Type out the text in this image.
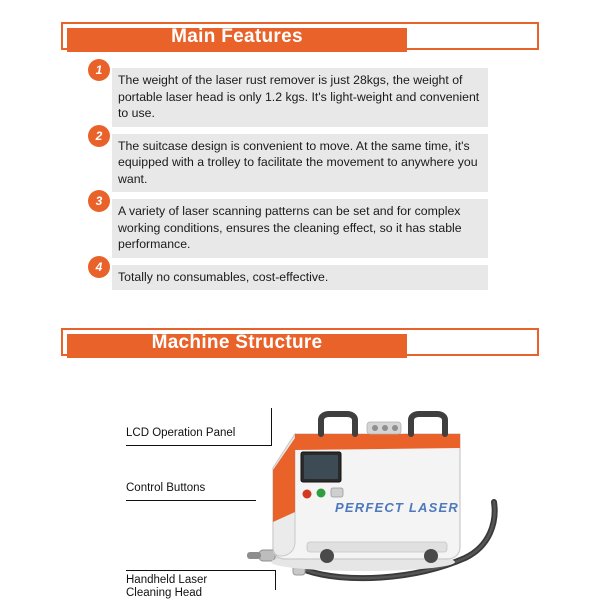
Main Features
1
The weight of the laser rust remover is just 28kgs, the weight of portable laser head is only 1.2 kgs. It's light-weight and convenient to use.
2
The suitcase design is convenient to move. At the same time, it's equipped with a trolley to facilitate the movement to anywhere you want.
3
A variety of laser scanning patterns can be set and for complex working conditions, ensures the cleaning effect, so it has stable performance.
4
Totally no consumables, cost-effective.
Machine Structure
LCD Operation Panel
Control Buttons
Handheld Laser
Cleaning Head
PERFECT LASER
